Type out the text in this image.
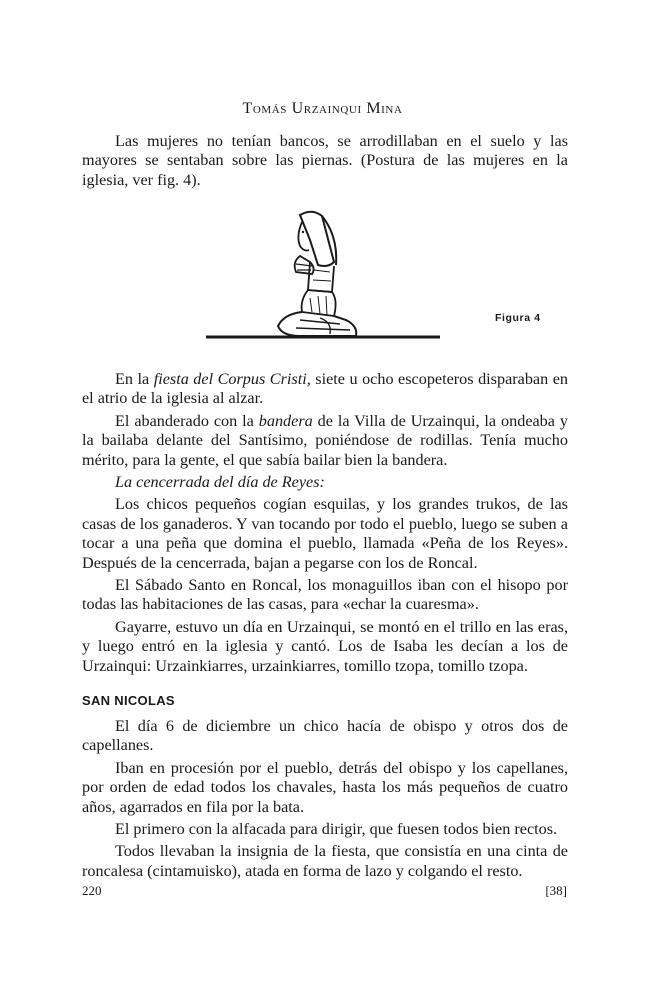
Tomás Urzainqui Mina

Las mujeres no tenían bancos, se arrodillaban en el suelo y las mayores se sentaban sobre las piernas. (Postura de las mujeres en la iglesia, ver fig. 4).

Figura 4

En la fiesta del Corpus Cristi, siete u ocho escopeteros disparaban en el atrio de la iglesia al alzar.

El abanderado con la bandera de la Villa de Urzainqui, la ondeaba y la bailaba delante del Santísimo, poniéndose de rodillas. Tenía mucho mérito, para la gente, el que sabía bailar bien la bandera.

La cencerrada del día de Reyes:

Los chicos pequeños cogían esquilas, y los grandes trukos, de las casas de los ganaderos. Y van tocando por todo el pueblo, luego se suben a tocar a una peña que domina el pueblo, llamada «Peña de los Reyes». Después de la cencerrada, bajan a pegarse con los de Roncal.

El Sábado Santo en Roncal, los monaguillos iban con el hisopo por todas las habitaciones de las casas, para «echar la cuaresma».

Gayarre, estuvo un día en Urzainqui, se montó en el trillo en las eras, y luego entró en la iglesia y cantó. Los de Isaba les decían a los de Urzainqui: Urzainkiarres, urzainkiarres, tomillo tzopa, tomillo tzopa.

SAN NICOLAS

El día 6 de diciembre un chico hacía de obispo y otros dos de capellanes.

Iban en procesión por el pueblo, detrás del obispo y los capellanes, por orden de edad todos los chavales, hasta los más pequeños de cuatro años, agarrados en fila por la bata.

El primero con la alfacada para dirigir, que fuesen todos bien rectos.

Todos llevaban la insignia de la fiesta, que consistía en una cinta de roncalesa (cintamuisko), atada en forma de lazo y colgando el resto.

220	[38]
